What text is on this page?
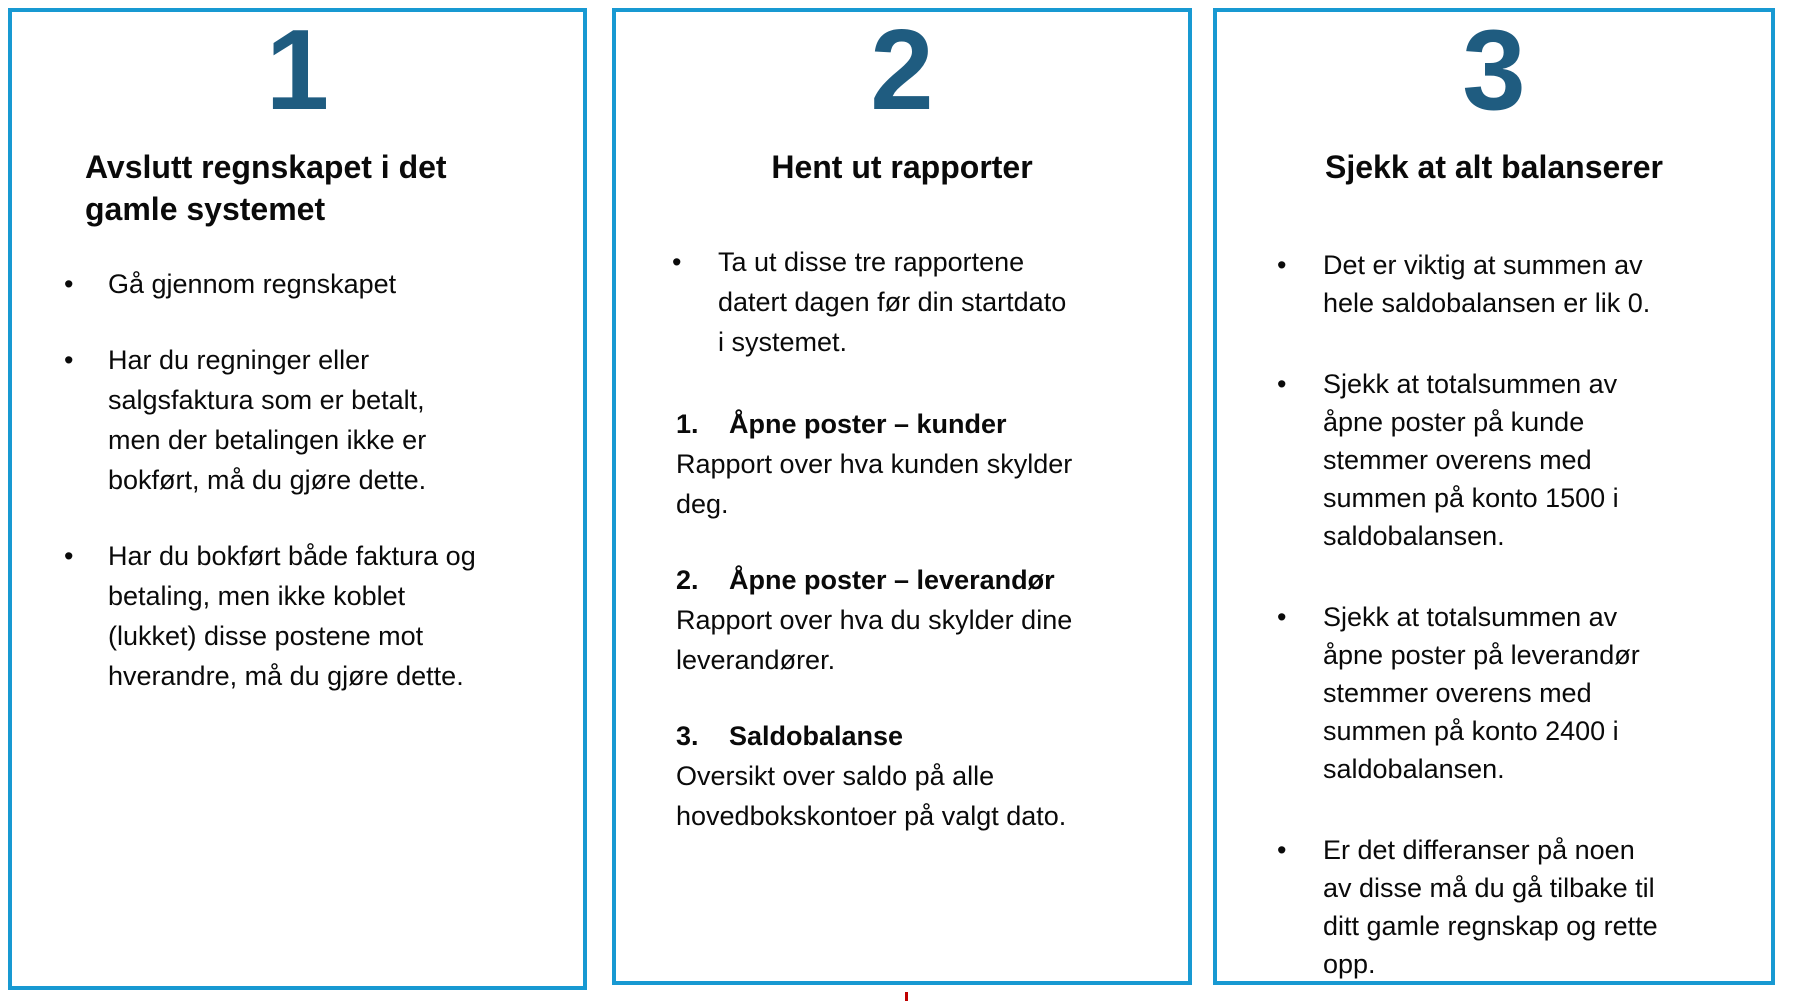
1
Avslutt regnskapet i det gamle systemet
•	Gå gjennom regnskapet
•	Har du regninger eller salgsfaktura som er betalt, men der betalingen ikke er bokført, må du gjøre dette.
•	Har du bokført både faktura og betaling, men ikke koblet (lukket) disse postene mot hverandre, må du gjøre dette.
2
Hent ut rapporter
•	Ta ut disse tre rapportene datert dagen før din startdato i systemet.
1. Åpne poster – kunder
Rapport over hva kunden skylder deg.
2. Åpne poster – leverandør
Rapport over hva du skylder dine leverandører.
3. Saldobalanse
Oversikt over saldo på alle hovedbokskontoer på valgt dato.
3
Sjekk at alt balanserer
•	Det er viktig at summen av hele saldobalansen er lik 0.
•	Sjekk at totalsummen av åpne poster på kunde stemmer overens med summen på konto 1500 i saldobalansen.
•	Sjekk at totalsummen av åpne poster på leverandør stemmer overens med summen på konto 2400 i saldobalansen.
•	Er det differanser på noen av disse må du gå tilbake til ditt gamle regnskap og rette opp.
